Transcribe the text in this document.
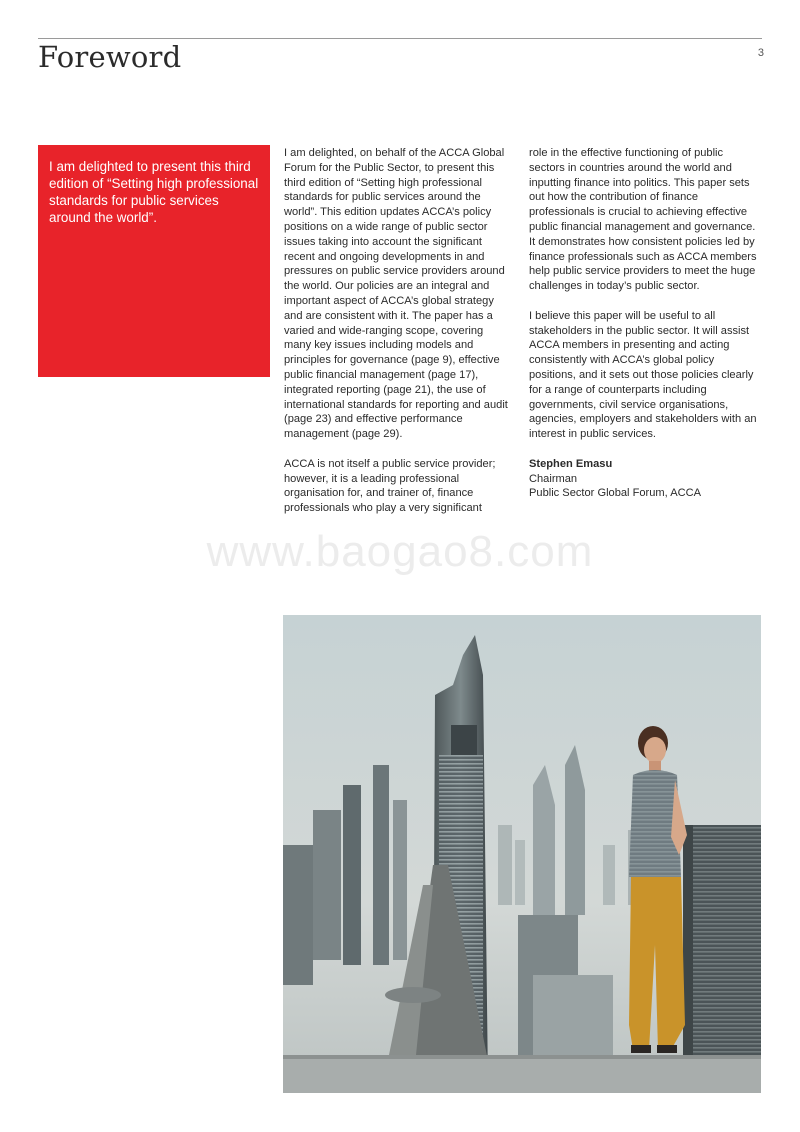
Foreword	3

I am delighted to present this third edition of “Setting high professional standards for public services around the world”.

I am delighted, on behalf of the ACCA Global Forum for the Public Sector, to present this third edition of “Setting high professional standards for public services around the world”. This edition updates ACCA’s policy positions on a wide range of public sector issues taking into account the significant recent and ongoing developments in and pressures on public service providers around the world. Our policies are an integral and important aspect of ACCA’s global strategy and are consistent with it. The paper has a varied and wide-ranging scope, covering many key issues including models and principles for governance (page 9), effective public financial management (page 17), integrated reporting (page 21), the use of international standards for reporting and audit (page 23) and effective performance management (page 29).

ACCA is not itself a public service provider; however, it is a leading professional organisation for, and trainer of, finance professionals who play a very significant

role in the effective functioning of public sectors in countries around the world and inputting finance into politics. This paper sets out how the contribution of finance professionals is crucial to achieving effective public financial management and governance. It demonstrates how consistent policies led by finance professionals such as ACCA members help public service providers to meet the huge challenges in today’s public sector.

I believe this paper will be useful to all stakeholders in the public sector. It will assist ACCA members in presenting and acting consistently with ACCA’s global policy positions, and it sets out those policies clearly for a range of counterparts including governments, civil service organisations, agencies, employers and stakeholders with an interest in public services.

Stephen Emasu
Chairman
Public Sector Global Forum, ACCA
www.baogao8.com
